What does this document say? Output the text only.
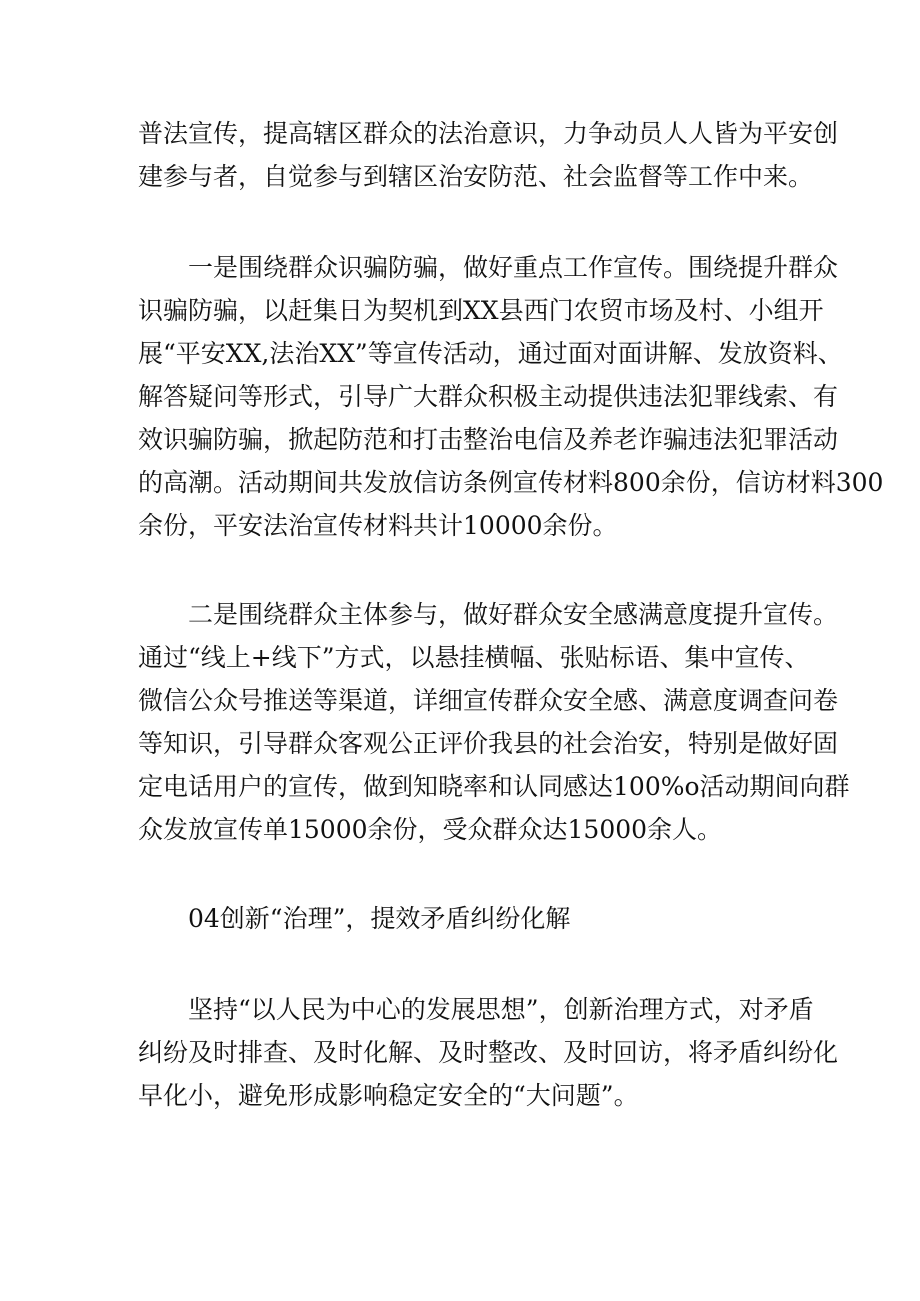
普法宣传，提高辖区群众的法治意识，力争动员人人皆为平安创
建参与者，自觉参与到辖区治安防范、社会监督等工作中来。

一是围绕群众识骗防骗，做好重点工作宣传。围绕提升群众
识骗防骗，以赶集日为契机到XX县西门农贸市场及村、小组开
展“平安XX,法治XX”等宣传活动，通过面对面讲解、发放资料、
解答疑问等形式，引导广大群众积极主动提供违法犯罪线索、有
效识骗防骗，掀起防范和打击整治电信及养老诈骗违法犯罪活动
的高潮。活动期间共发放信访条例宣传材料800余份，信访材料300
余份，平安法治宣传材料共计10000余份。

二是围绕群众主体参与，做好群众安全感满意度提升宣传。
通过“线上+线下”方式，以悬挂横幅、张贴标语、集中宣传、
微信公众号推送等渠道，详细宣传群众安全感、满意度调查问卷
等知识，引导群众客观公正评价我县的社会治安，特别是做好固
定电话用户的宣传，做到知晓率和认同感达100%o活动期间向群
众发放宣传单15000余份，受众群众达15000余人。

04创新“治理”，提效矛盾纠纷化解

坚持“以人民为中心的发展思想”，创新治理方式，对矛盾
纠纷及时排查、及时化解、及时整改、及时回访，将矛盾纠纷化
早化小，避免形成影响稳定安全的“大问题”。
